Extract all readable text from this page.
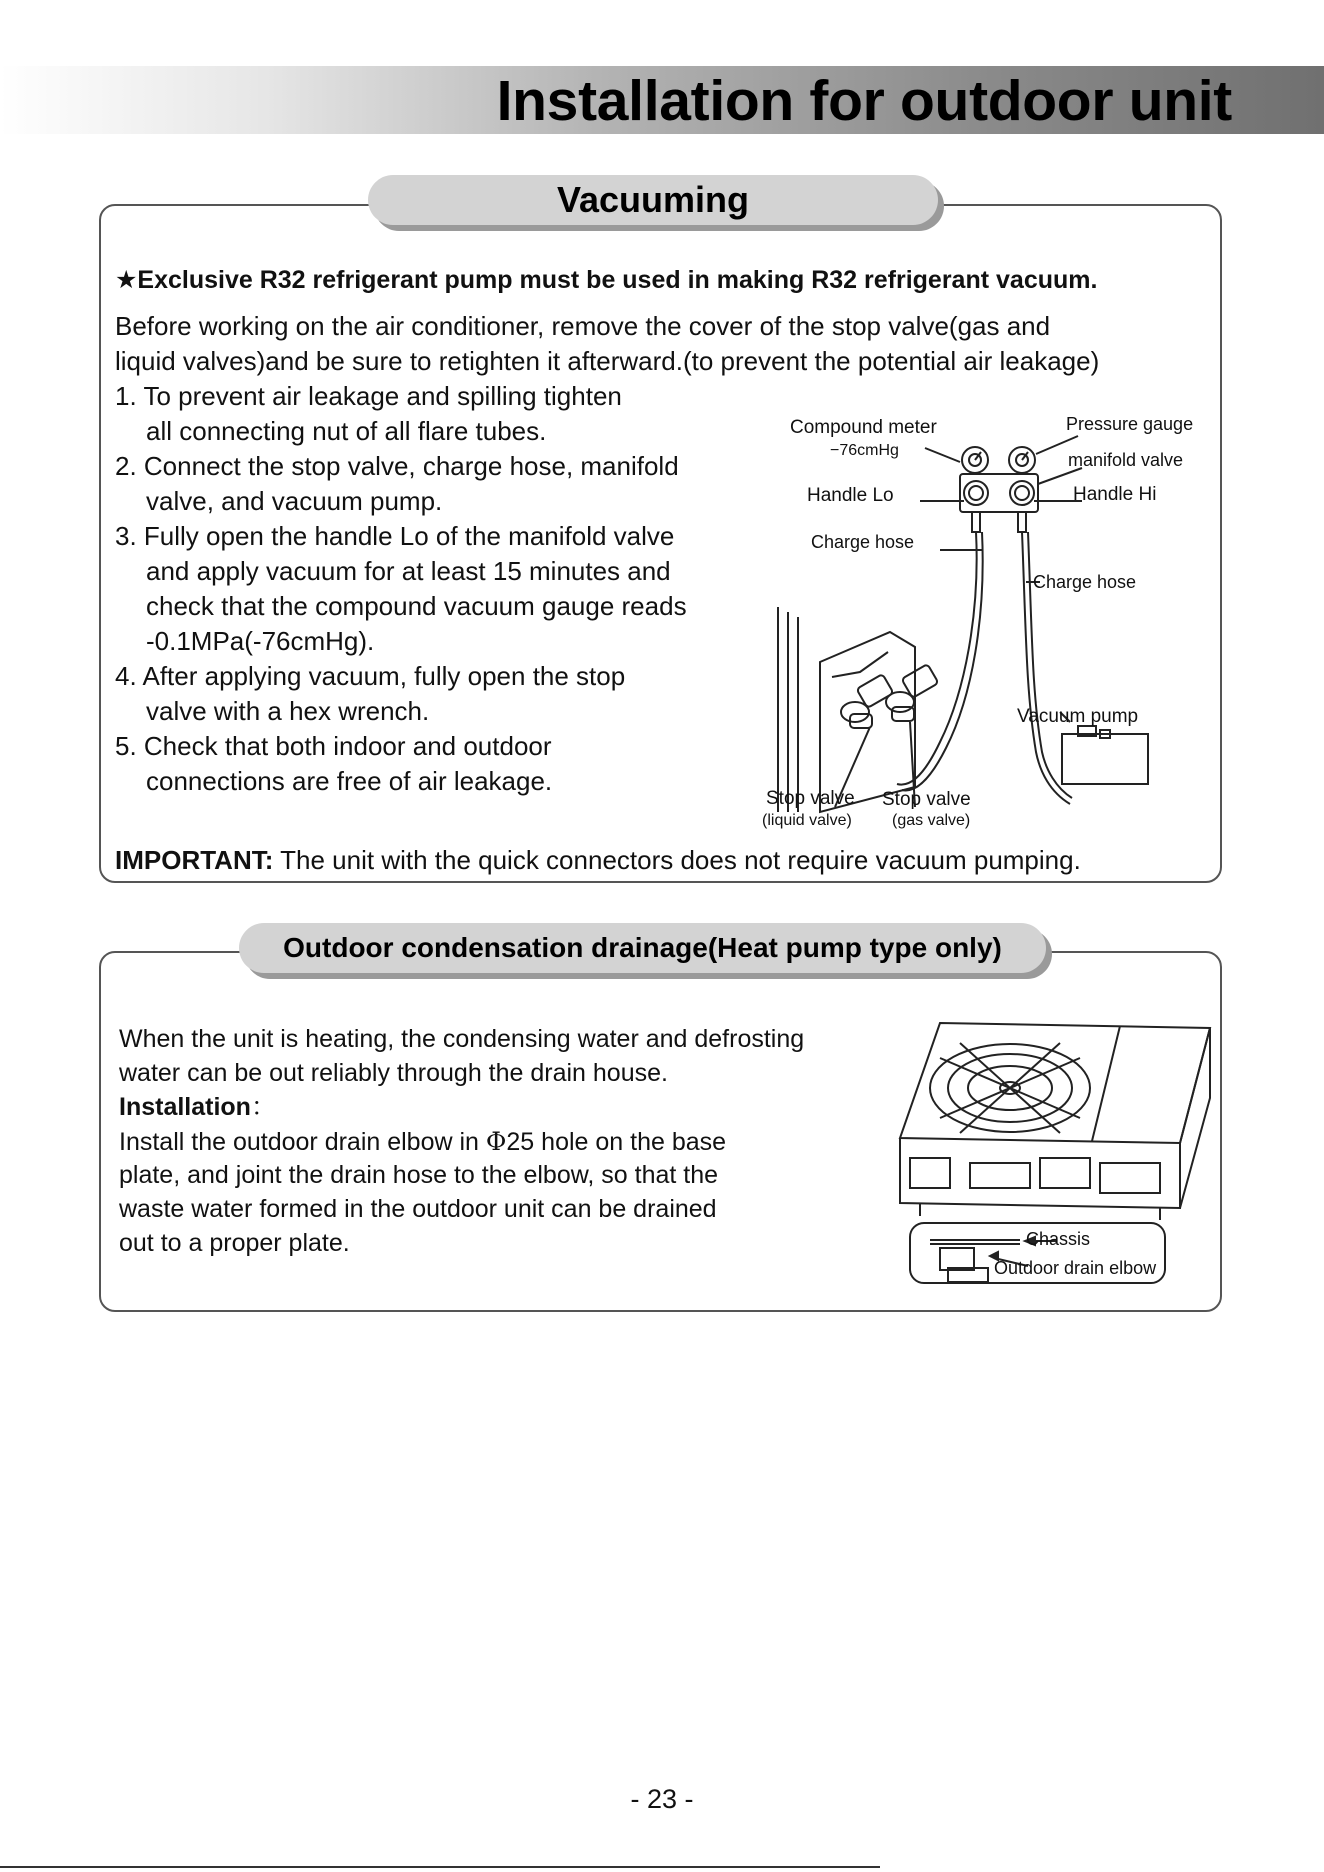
Installation for outdoor unit
Vacuuming
★Exclusive R32 refrigerant pump must be used in making R32 refrigerant vacuum.
Before working on the air conditioner, remove the cover of the stop valve(gas and
liquid valves)and be sure to retighten it afterward.(to prevent the potential air leakage)
1. To prevent air leakage and spilling tighten
all connecting nut of all flare tubes.
2. Connect the stop valve, charge hose, manifold
valve, and vacuum pump.
3. Fully open the handle Lo of the manifold valve
and apply vacuum for at least 15 minutes and
check that the compound vacuum gauge reads
-0.1MPa(-76cmHg).
4. After applying vacuum, fully open the stop
valve with a hex wrench.
5. Check that both indoor and outdoor
connections are free of air leakage.
IMPORTANT: The unit with the quick connectors does not require vacuum pumping.
Compound meter
−76cmHg
Pressure gauge
manifold valve
Handle Lo	Handle Hi
Charge hose
Charge hose
Vacuum pump
Stop valve
(liquid valve)
Stop valve
(gas valve)
Outdoor condensation drainage(Heat pump type only)
When the unit is heating, the condensing water and defrosting
water can be out reliably through the drain house.
Installation：
Install the outdoor drain elbow in Φ25 hole on the base
plate, and joint the drain hose to the elbow, so that the
waste water formed in the outdoor unit can be drained
out to a proper plate.	Chassis
Outdoor drain elbow
- 23 -
